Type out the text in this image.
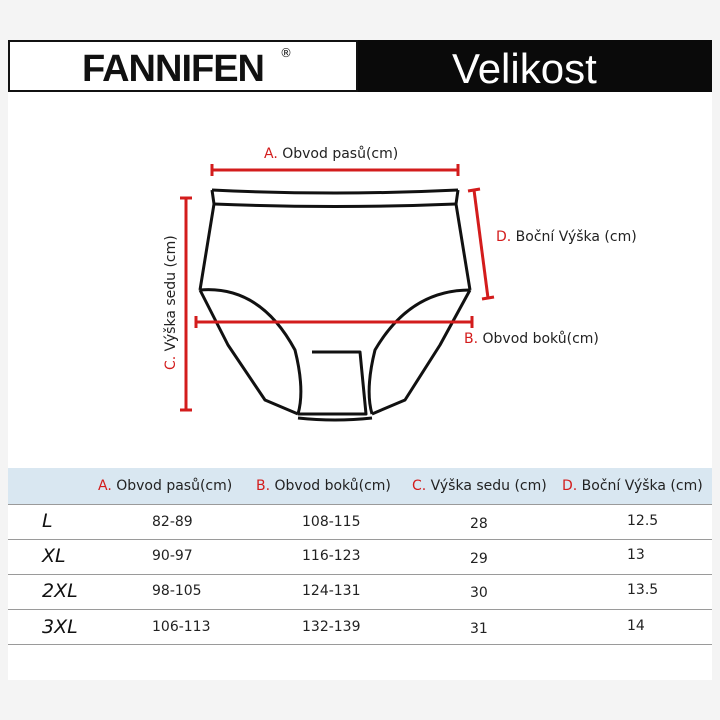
FANNIFEN ®	Velikost
A. Obvod pasů(cm)
B. Obvod boků(cm)
D. Boční Výška (cm)
C. Výška sedu (cm)
A. Obvod pasů(cm) B. Obvod boků(cm) C. Výška sedu (cm) D. Boční Výška (cm)
L	82-89	108-115	28	12.5
XL	90-97	116-123	29	13
2XL	98-105	124-131	30	13.5
3XL	106-113	132-139	31	14
